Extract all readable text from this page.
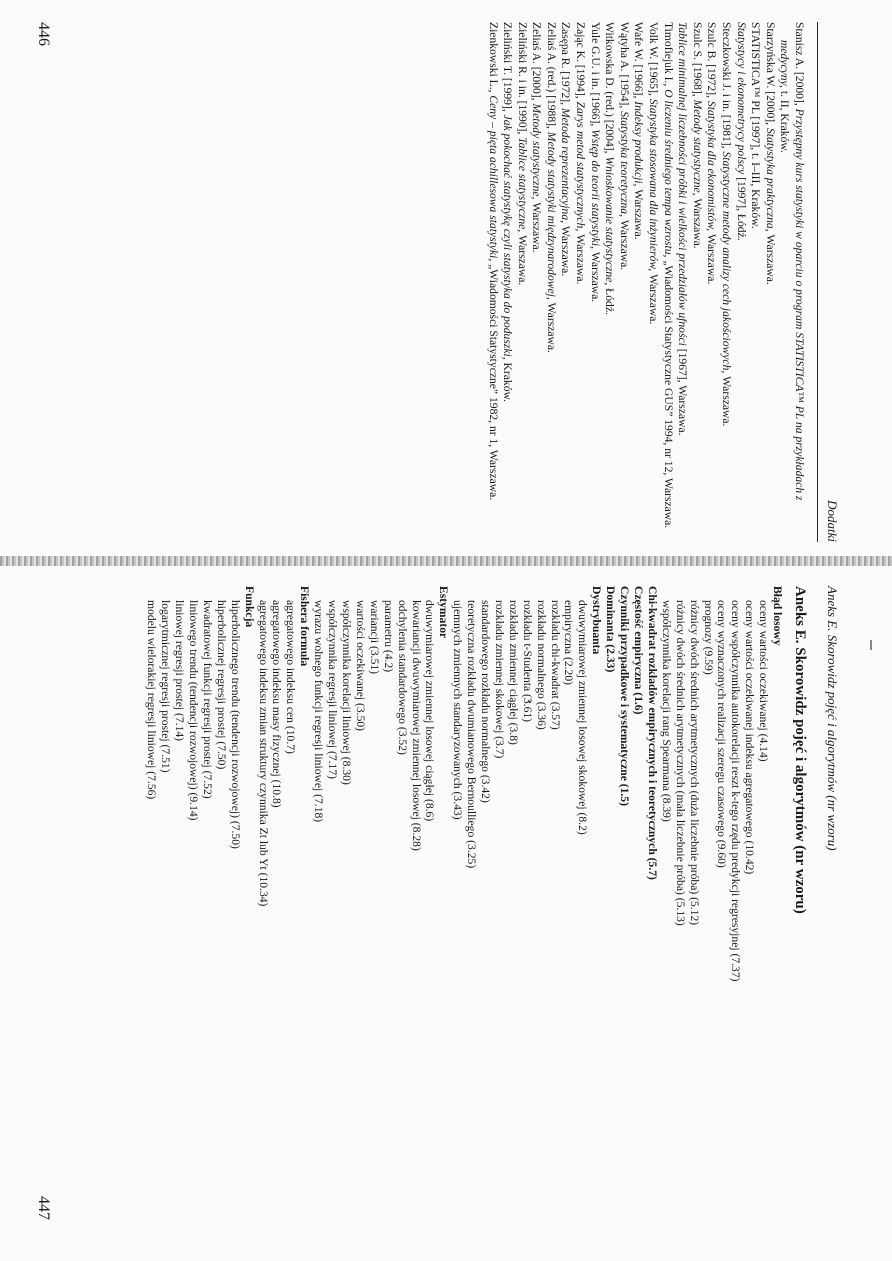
Dodatki

Stanisz A. [2000], Przystępny kurs statystyki w oparciu o program STATISTICA™ PL na przykładach z medycyny, t. II, Kraków.

Starzyńska W. [2000], Statystyka praktyczna, Warszawa.

STATISTICA™ PL [1997], t. I–III, Kraków.

Statystycy i ekonometrycy polscy [1997], Łódź.

Steczkowski J. i in. [1981], Statystyczne metody analizy cech jakościowych, Warszawa.

Szulc B. [1972], Statystyka dla ekonomistów, Warszawa.

Szulc S. [1968], Metody statystyczne, Warszawa.

Tablice minimalnej liczebności próbki i wielkości przedziałów ufności [1967], Warszawa.

Timofiejuk I., O liczeniu średniego tempa wzrostu, „Wiadomości Statystyczne GUS” 1994, nr 12, Warszawa.

Volk W. [1965], Statystyka stosowana dla inżynierów, Warszawa.

Wafe W. [1966], Indeksy produkcji, Warszawa.

Wątyha A. [1954], Statystyka teoretyczna, Warszawa.

Witkowska D. (red.) [2004], Wnioskowanie statystyczne, Łódź.

Yule G.U. i in. [1966], Wstęp do teorii statystyki, Warszawa.

Zając K. [1994], Zarys metod statystycznych, Warszawa.

Zasępa R. [1972], Metoda reprezentacyjna, Warszawa.

Zeliaś A. (red.) [1988], Metody statystyki międzynarodowej, Warszawa.

Zeliaś A. [2000], Metody statystyczne, Warszawa.

Zieliński R. i in. [1990], Tablice statystyczne, Warszawa.

Zieliński T. [1999], Jak pokochać statystykę czyli statystyka do poduszki, Kraków.

Zienkowski L., Ceny – pięta achillesowa statystyki, „Wiadomości Statystyczne” 1982, nr 1, Warszawa.

446
Aneks E. Skorowidz pojęć i algorytmów (nr wzoru)
Aneks E. Skorowidz pojęć i algorytmów (nr wzoru)

Błąd losowy

oceny wartości oczekiwanej (4.14)

oceny wartości oczekiwanej indeksu agregatowego (10.42)

oceny współczynnika autokorelacji reszt k-tego rzędu predykcji regresyjnej (7.37)

oceny wyznaczonych realizacji szeregu czasowego (9.60)

prognozy (9.59)

różnicy dwóch średnich arytmetycznych (duża liczebnie próba) (5.12)

różnicy dwóch średnich arytmetycznych (mała liczebnie próba) (5.13)

współczynnika korelacji rang Spearmana (8.39)

Chi-kwadrat rozkładów empirycznych i teoretycznych (5.7)

Częstość empiryczna (1.6)

Czynniki przypadkowe i systematyczne (1.5)

Dominanta (2.33)

Dystrybuanta

dwuwymiarowej zmiennej losowej skokowej (8.2)

empiryczna (2.20)

rozkładu chi-kwadrat (3.57)

rozkładu normalnego (3.36)

rozkładu t-Studenta (3.61)

rozkładu zmiennej ciągłej (3.8)

rozkładu zmiennej skokowej (3.7)

standardowego rozkładu normalnego (3.42)

teoretyczna rozkładu dwumianowego Bernoulliego (3.25)

ujemnych zmiennych standaryzowanych (3.43)

Estymator

dwuwymiarowej zmiennej losowej ciągłej (8.6)

kowariancji dwuwymiarowej zmiennej losowej (8.28)

odchylenia standardowego (3.52)

parametru (4.2)

wariancji (3.51)

wartości oczekiwanej (3.50)

współczynnika korelacji liniowej (8.30)

współczynnika regresji liniowej (7.17)

wyrazu wolnego funkcji regresji liniowej (7.18)

Fishera formuła

agregatowego indeksu cen (10.7)

agregatowego indeksu masy fizycznej (10.8)

agregatowego indeksu zmian struktury czynnika Zt lub Yt (10.34)

Funkcja

hiperbolicznego trendu (tendencji rozwojowej) (7.50)

hiperbolicznej regresji prostej (7.50)

kwadratowej funkcji regresji prostej (7.52)

liniowego trendu (tendencji rozwojowej) (9.14)

liniowej regresji prostej (7.14)

logarytmicznej regresji prostej (7.51)

modelu wielorakiej regresji liniowej (7.56)

447
